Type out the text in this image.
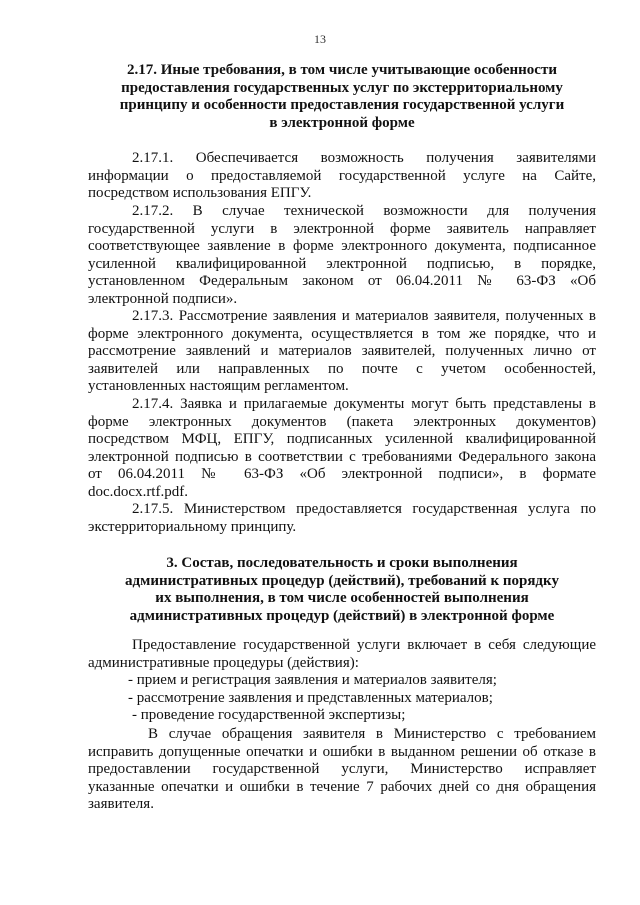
13
2.17. Иные требования, в том числе учитывающие особенности
предоставления государственных услуг по экстерриториальному
принципу и особенности предоставления государственной услуги
в электронной форме
2.17.1. Обеспечивается возможность получения заявителями
информации о предоставляемой государственной услуге на Сайте,
посредством использования ЕПГУ.
2.17.2. В случае технической возможности для получения
государственной услуги в электронной форме заявитель направляет
соответствующее заявление в форме электронного документа, подписанное
усиленной квалифицированной электронной подписью, в порядке,
установленном Федеральным законом от 06.04.2011 № 63-ФЗ «Об
электронной подписи».
2.17.3. Рассмотрение заявления и материалов заявителя, полученных в
форме электронного документа, осуществляется в том же порядке, что и
рассмотрение заявлений и материалов заявителей, полученных лично от
заявителей или направленных по почте с учетом особенностей,
установленных настоящим регламентом.
2.17.4. Заявка и прилагаемые документы могут быть представлены в
форме электронных документов (пакета электронных документов)
посредством МФЦ, ЕПГУ, подписанных усиленной квалифицированной
электронной подписью в соответствии с требованиями Федерального закона
от 06.04.2011 № 63-ФЗ «Об электронной подписи», в формате
doc.docx.rtf.pdf.
2.17.5. Министерством предоставляется государственная услуга по
экстерриториальному принципу.
3. Состав, последовательность и сроки выполнения
административных процедур (действий), требований к порядку
их выполнения, в том числе особенностей выполнения
административных процедур (действий) в электронной форме
Предоставление государственной услуги включает в себя следующие
административные процедуры (действия):
- прием и регистрация заявления и материалов заявителя;
- рассмотрение заявления и представленных материалов;
- проведение государственной экспертизы;
В случае обращения заявителя в Министерство с требованием
исправить допущенные опечатки и ошибки в выданном решении об отказе в
предоставлении государственной услуги, Министерство исправляет
указанные опечатки и ошибки в течение 7 рабочих дней со дня обращения
заявителя.
